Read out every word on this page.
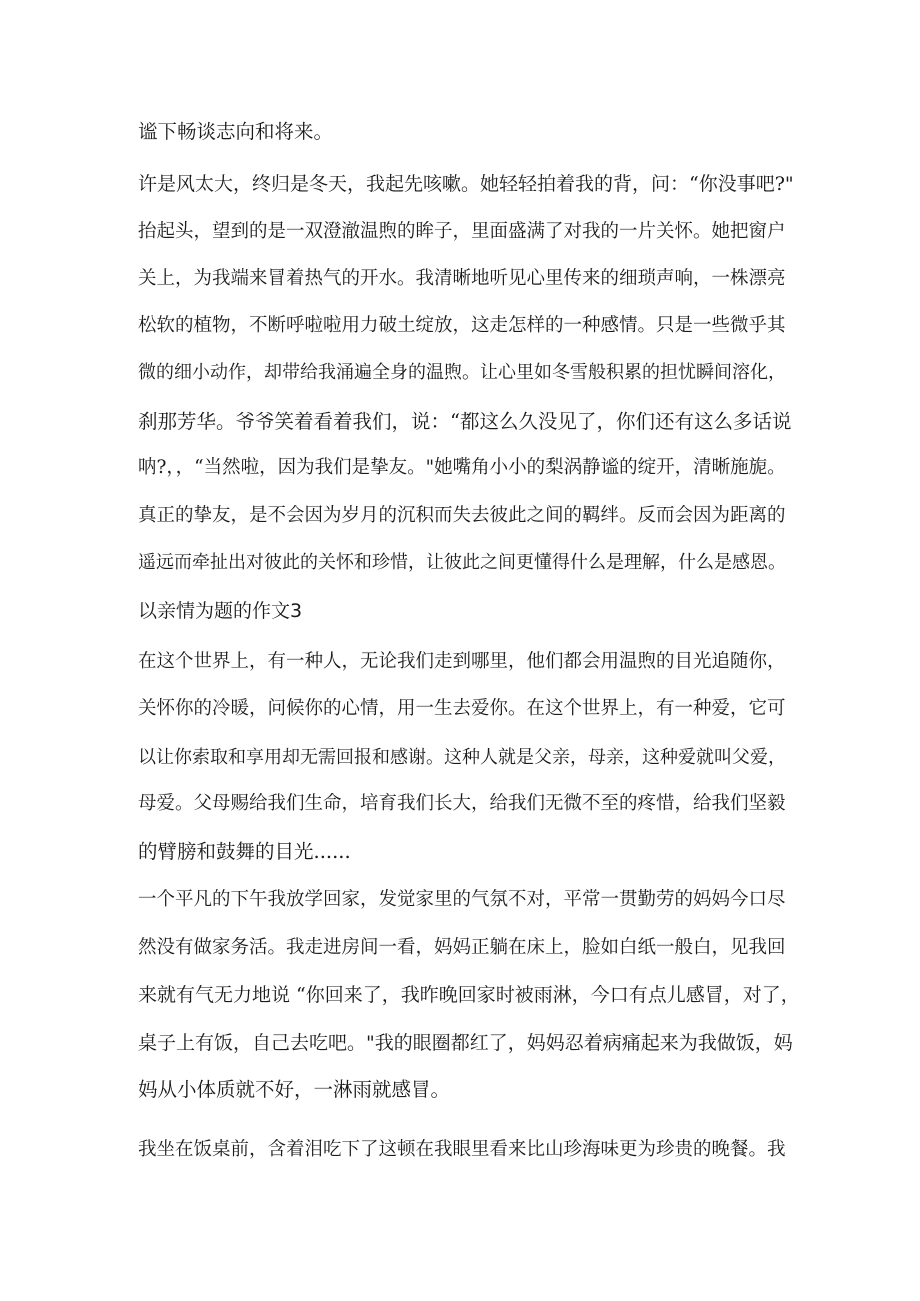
谧下畅谈志向和将来。
许是风太大，终归是冬天，我起先咳嗽。她轻轻拍着我的背，问：“你没事吧?"
抬起头，望到的是一双澄澈温煦的眸子，里面盛满了对我的一片关怀。她把窗户
关上，为我端来冒着热气的开水。我清晰地听见心里传来的细琐声响，一株漂亮
松软的植物，不断呼啦啦用力破土绽放，这走怎样的一种感情。只是一些微乎其
微的细小动作，却带给我涌遍全身的温煦。让心里如冬雪般积累的担忧瞬间溶化，
刹那芳华。爷爷笑着看着我们，说：“都这么久没见了，你们还有这么多话说
呐?，，“当然啦，因为我们是挚友。"她嘴角小小的梨涡静谧的绽开，清晰施旎。
真正的挚友，是不会因为岁月的沉积而失去彼此之间的羁绊。反而会因为距离的
遥远而牵扯出对彼此的关怀和珍惜，让彼此之间更懂得什么是理解，什么是感恩。
以亲情为题的作文3
在这个世界上，有一种人，无论我们走到哪里，他们都会用温煦的目光追随你，
关怀你的冷暖，问候你的心情，用一生去爱你。在这个世界上，有一种爱，它可
以让你索取和享用却无需回报和感谢。这种人就是父亲，母亲，这种爱就叫父爱，
母爱。父母赐给我们生命，培育我们长大，给我们无微不至的疼惜，给我们坚毅
的臂膀和鼓舞的目光......
一个平凡的下午我放学回家，发觉家里的气氛不对，平常一贯勤劳的妈妈今口尽
然没有做家务活。我走进房间一看，妈妈正躺在床上，脸如白纸一般白，见我回
来就有气无力地说 “你回来了，我昨晚回家时被雨淋，今口有点儿感冒，对了，
桌子上有饭，自己去吃吧。"我的眼圈都红了，妈妈忍着病痛起来为我做饭，妈
妈从小体质就不好，一淋雨就感冒。
我坐在饭桌前，含着泪吃下了这顿在我眼里看来比山珍海味更为珍贵的晚餐。我
